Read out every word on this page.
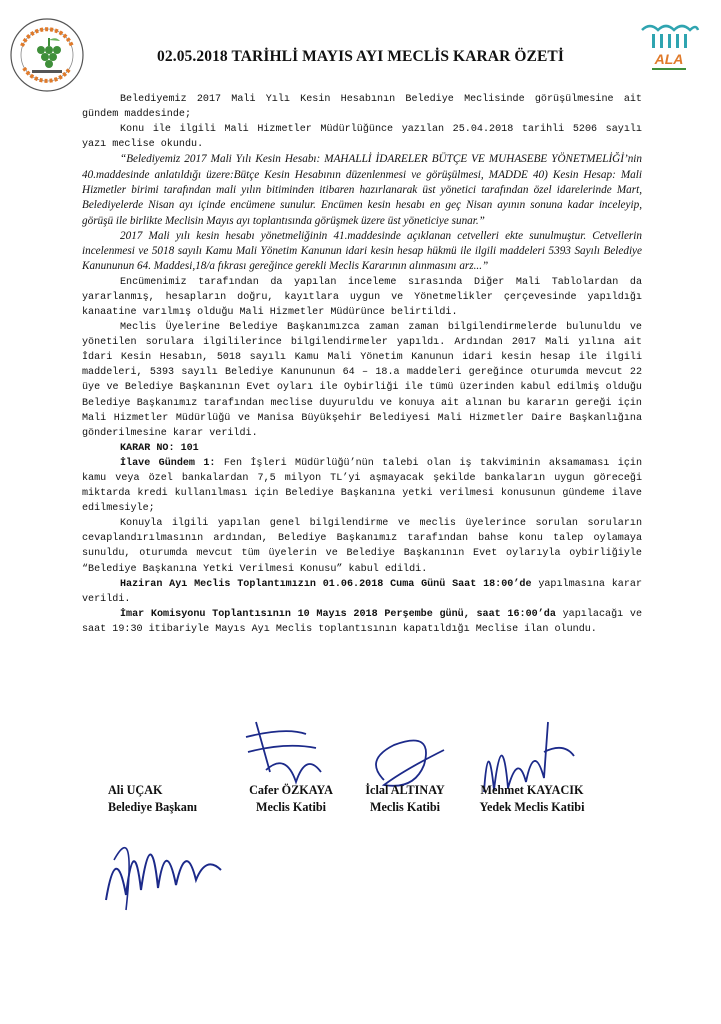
ALA
02.05.2018 TARİHLİ MAYIS AYI MECLİS KARAR ÖZETİ

Belediyemiz 2017 Mali Yılı Kesin Hesabının Belediye Meclisinde görüşülmesine ait gündem maddesinde;

Konu ile ilgili Mali Hizmetler Müdürlüğünce yazılan 25.04.2018 tarihli 5206 sayılı yazı meclise okundu.

“Belediyemiz 2017 Mali Yılı Kesin Hesabı: MAHALLİ İDARELER BÜTÇE VE MUHASEBE YÖNETMELİĞİ’nin 40.maddesinde anlatıldığı üzere:Bütçe Kesin Hesabının düzenlenmesi ve görüşülmesi, MADDE 40) Kesin Hesap: Mali Hizmetler birimi tarafından mali yılın bitiminden itibaren hazırlanarak üst yönetici tarafından özel idarelerinde Mart, Belediyelerde Nisan ayı içinde encümene sunulur. Encümen kesin hesabı en geç Nisan ayının sonuna kadar inceleyip, görüşü ile birlikte Meclisin Mayıs ayı toplantısında görüşmek üzere üst yöneticiye sunar.”

2017 Mali yılı kesin hesabı yönetmeliğinin 41.maddesinde açıklanan cetvelleri ekte sunulmuştur. Cetvellerin incelenmesi ve 5018 sayılı Kamu Mali Yönetim Kanunun idari kesin hesap hükmü ile ilgili maddeleri 5393 Sayılı Belediye Kanununun 64. Maddesi,18/a fıkrası gereğince gerekli Meclis Kararının alınmasını arz...”

Encümenimiz tarafından da yapılan inceleme sırasında Diğer Mali Tablolardan da yararlanmış, hesapların doğru, kayıtlara uygun ve Yönetmelikler çerçevesinde yapıldığı kanaatine varılmış olduğu Mali Hizmetler Müdürünce belirtildi.

Meclis Üyelerine Belediye Başkanımızca zaman zaman bilgilendirmelerde bulunuldu ve yönetilen sorulara ilgililerince bilgilendirmeler yapıldı. Ardından 2017 Mali yılına ait İdari Kesin Hesabın, 5018 sayılı Kamu Mali Yönetim Kanunun idari kesin hesap ile ilgili maddeleri, 5393 sayılı Belediye Kanununun 64 – 18.a maddeleri gereğince oturumda mevcut 22 üye ve Belediye Başkanının Evet oyları ile Oybirliği ile tümü üzerinden kabul edilmiş olduğu Belediye Başkanımız tarafından meclise duyuruldu ve konuya ait alınan bu kararın gereği için Mali Hizmetler Müdürlüğü ve Manisa Büyükşehir Belediyesi Mali Hizmetler Daire Başkanlığına gönderilmesine karar verildi.

KARAR NO: 101

İlave Gündem 1: Fen İşleri Müdürlüğü’nün talebi olan iş takviminin aksamaması için kamu veya özel bankalardan 7,5 milyon TL’yi aşmayacak şekilde bankaların uygun göreceği miktarda kredi kullanılması için Belediye Başkanına yetki verilmesi konusunun gündeme ilave edilmesiyle;

Konuyla ilgili yapılan genel bilgilendirme ve meclis üyelerince sorulan soruların cevaplandırılmasının ardından, Belediye Başkanımız tarafından bahse konu talep oylamaya sunuldu, oturumda mevcut tüm üyelerin ve Belediye Başkanının Evet oylarıyla oybirliğiyle “Belediye Başkanına Yetki Verilmesi Konusu” kabul edildi.

Haziran Ayı Meclis Toplantımızın 01.06.2018 Cuma Günü Saat 18:00’de yapılmasına karar verildi.

İmar Komisyonu Toplantısının 10 Mayıs 2018 Perşembe günü, saat 16:00’da yapılacağı ve saat 19:30 itibariyle Mayıs Ayı Meclis toplantısının kapatıldığı Meclise ilan olundu.

Ali UÇAK
Belediye Başkanı
Cafer ÖZKAYA
Meclis Katibi
İclal ALTINAY
Meclis Katibi
Mehmet KAYACIK
Yedek Meclis Katibi
